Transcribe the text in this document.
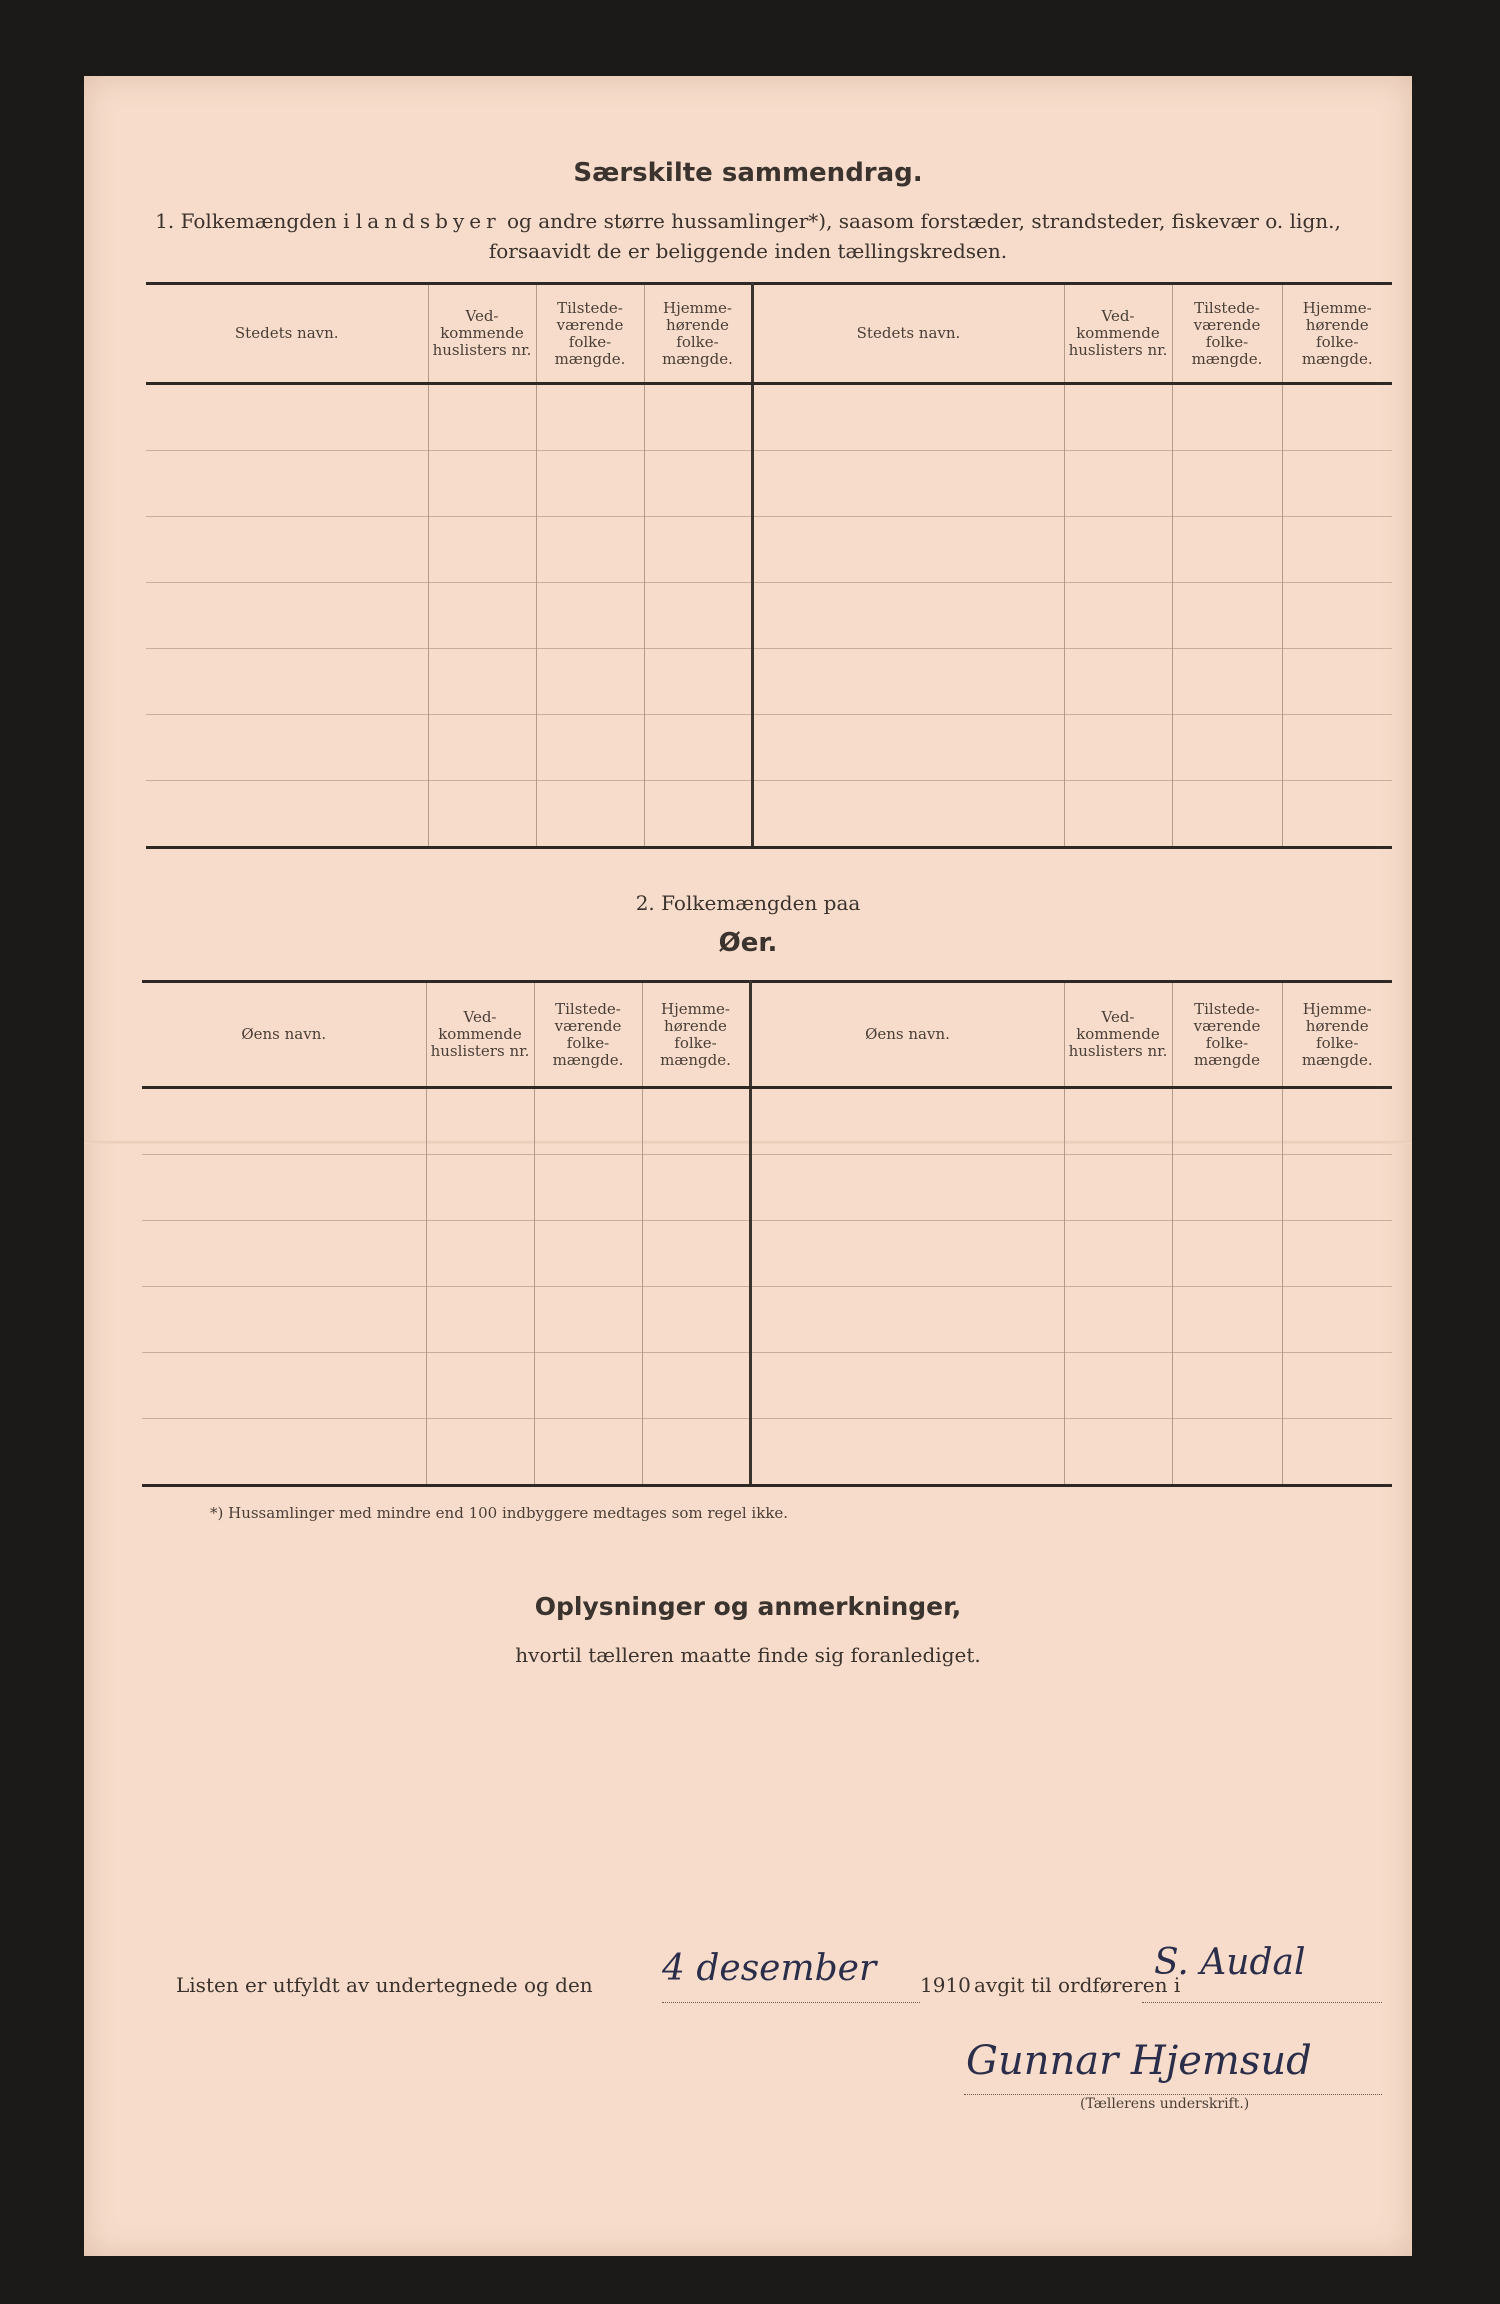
Særskilte sammendrag.
1. Folkemængden i landsbyer og andre større hussamlinger*), saasom forstæder, strandsteder, fiskevær o. lign.,
forsaavidt de er beliggende inden tællingskredsen.
Stedets navn.	Ved-kommende huslisters nr.	Tilstede-værende folke-mængde.	Hjemme-hørende folke-mængde.	Stedets navn.	Ved-kommende huslisters nr.	Tilstede-værende folke-mængde.	Hjemme-hørende folke-mængde.

2. Folkemængden paa
Øer.
Øens navn.	Ved-kommende huslisters nr.	Tilstede-værende folke-mængde.	Hjemme-hørende folke-mængde.	Øens navn.	Ved-kommende huslisters nr.	Tilstede-værende folke-mængde	Hjemme-hørende folke-mængde.

*) Hussamlinger med mindre end 100 indbyggere medtages som regel ikke.
Oplysninger og anmerkninger,
hvortil tælleren maatte finde sig foranlediget.
Listen er utfyldt av undertegnede og den 4 desember 1910 avgit til ordføreren i
S. Audal
Gunnar Hjemsud
(Tællerens underskrift.)
